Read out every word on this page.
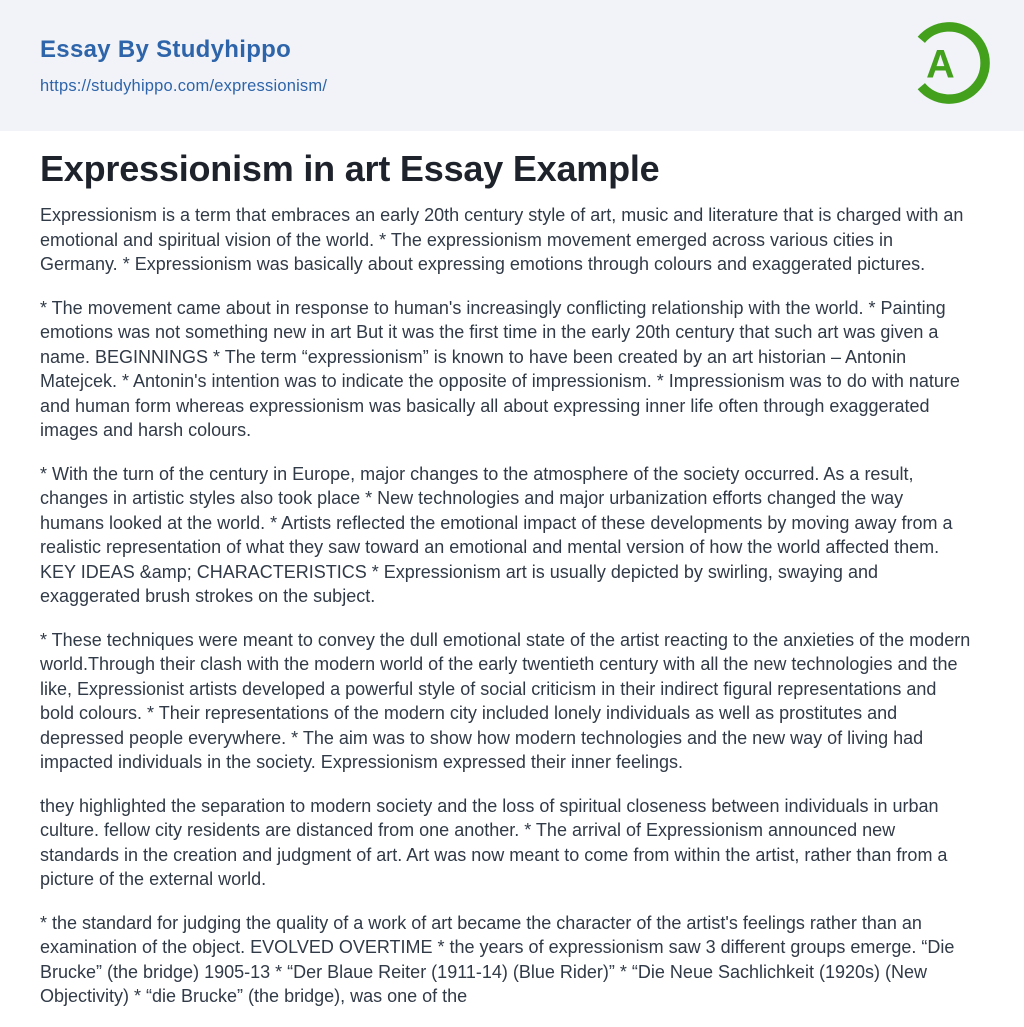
Essay By Studyhippo
https://studyhippo.com/expressionism/	A
Expressionism in art Essay Example

Expressionism is a term that embraces an early 20th century style of art, music and literature that is charged with an emotional and spiritual vision of the world. * The expressionism movement emerged across various cities in Germany. * Expressionism was basically about expressing emotions through colours and exaggerated pictures.

* The movement came about in response to human's increasingly conflicting relationship with the world. * Painting emotions was not something new in art But it was the first time in the early 20th century that such art was given a name. BEGINNINGS * The term “expressionism” is known to have been created by an art historian – Antonin Matejcek. * Antonin's intention was to indicate the opposite of impressionism. * Impressionism was to do with nature and human form whereas expressionism was basically all about expressing inner life often through exaggerated images and harsh colours.

* With the turn of the century in Europe, major changes to the atmosphere of the society occurred. As a result, changes in artistic styles also took place * New technologies and major urbanization efforts changed the way humans looked at the world. * Artists reflected the emotional impact of these developments by moving away from a realistic representation of what they saw toward an emotional and mental version of how the world affected them. KEY IDEAS &amp; CHARACTERISTICS * Expressionism art is usually depicted by swirling, swaying and exaggerated brush strokes on the subject.

* These techniques were meant to convey the dull emotional state of the artist reacting to the anxieties of the modern world.Through their clash with the modern world of the early twentieth century with all the new technologies and the like, Expressionist artists developed a powerful style of social criticism in their indirect figural representations and bold colours. * Their representations of the modern city included lonely individuals as well as prostitutes and depressed people everywhere. * The aim was to show how modern technologies and the new way of living had impacted individuals in the society. Expressionism expressed their inner feelings.

they highlighted the separation to modern society and the loss of spiritual closeness between individuals in urban culture. fellow city residents are distanced from one another. * The arrival of Expressionism announced new standards in the creation and judgment of art. Art was now meant to come from within the artist, rather than from a picture of the external world.

* the standard for judging the quality of a work of art became the character of the artist's feelings rather than an examination of the object. EVOLVED OVERTIME * the years of expressionism saw 3 different groups emerge. “Die Brucke” (the bridge) 1905-13 * “Der Blaue Reiter (1911-14) (Blue Rider)” * “Die Neue Sachlichkeit (1920s) (New Objectivity) * “die Brucke” (the bridge), was one of the
